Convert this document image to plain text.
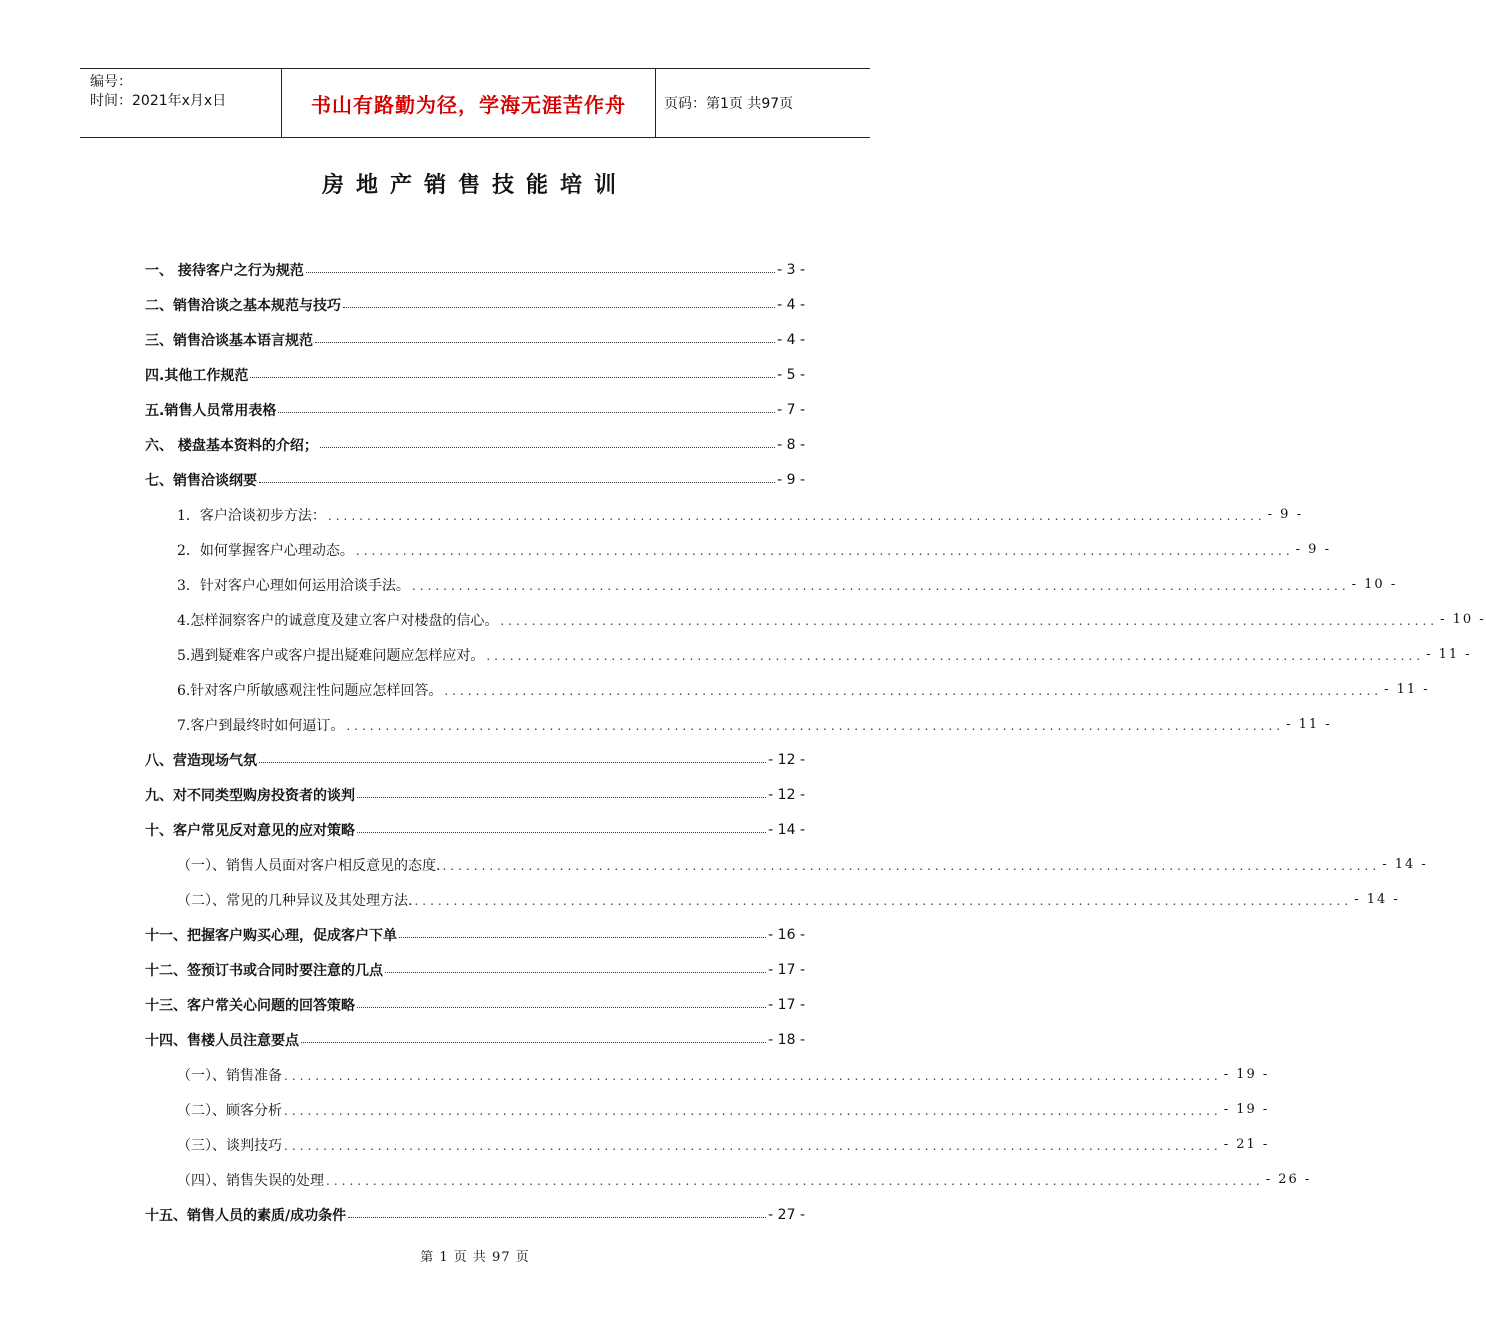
编号：
时间：2021年x月x日	书山有路勤为径，学海无涯苦作舟	页码：第1页 共97页
房地产销售技能培训
一、 接待客户之行为规范	- 3 -
二、销售洽谈之基本规范与技巧	- 4 -
三、销售洽谈基本语言规范	- 4 -
四.其他工作规范	- 5 -
五.销售人员常用表格	- 7 -
六、 楼盘基本资料的介绍；	- 8 -
七、销售洽谈纲要	- 9 -
1．客户洽谈初步方法： ........................................................................................................................ - 9 -
2．如何掌握客户心理动态。 ........................................................................................................................ - 9 -
3．针对客户心理如何运用洽谈手法。 ........................................................................................................................ - 10 -
4.怎样洞察客户的诚意度及建立客户对楼盘的信心。 ........................................................................................................................ - 10 -
5.遇到疑难客户或客户提出疑难问题应怎样应对。 ........................................................................................................................ - 11 -
6.针对客户所敏感观注性问题应怎样回答。 ........................................................................................................................ - 11 -
7.客户到最终时如何逼订。 ........................................................................................................................ - 11 -
八、营造现场气氛	- 12 -
九、对不同类型购房投资者的谈判	- 12 -
十、客户常见反对意见的应对策略	- 14 -
（一）、销售人员面对客户相反意见的态度. ........................................................................................................................ - 14 -
（二）、常见的几种异议及其处理方法. ........................................................................................................................ - 14 -
十一、把握客户购买心理，促成客户下单	- 16 -
十二、签预订书或合同时要注意的几点	- 17 -
十三、客户常关心问题的回答策略	- 17 -
十四、售楼人员注意要点	- 18 -
（一）、销售准备 ........................................................................................................................ - 19 -
（二）、顾客分析 ........................................................................................................................ - 19 -
（三）、谈判技巧 ........................................................................................................................ - 21 -
（四）、销售失误的处理 ........................................................................................................................ - 26 -
十五、销售人员的素质/成功条件	- 27 -
第 1 页 共 97 页
